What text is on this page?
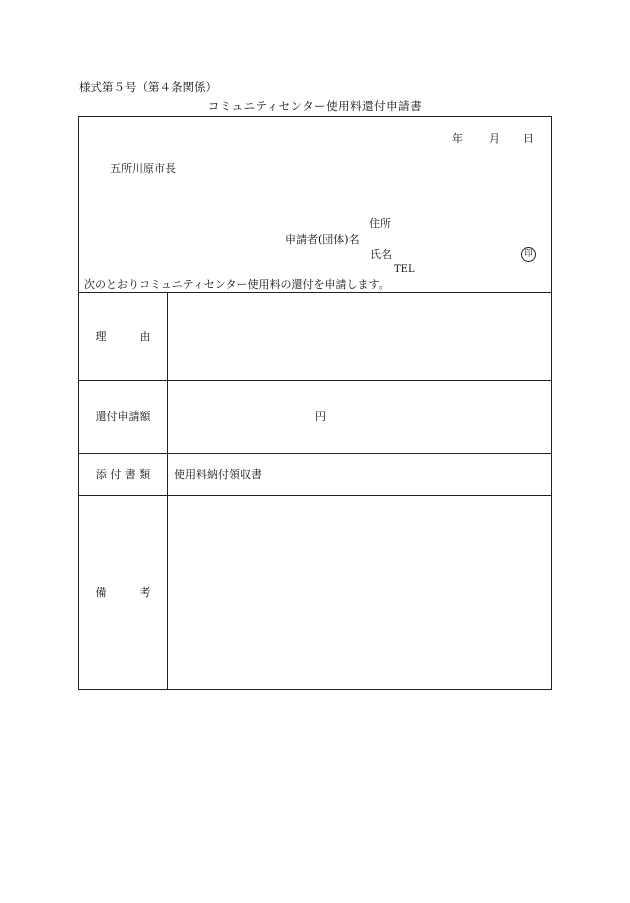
様式第５号（第４条関係）
コミュニティセンター使用料還付申請書
年 月 日
五所川原市長
住所
申請者(団体)名
氏名	印
TEL
次のとおりコミュニティセンター使用料の還付を申請します。
理　　　由
還付申請額	円
添 付 書 類	使用料納付領収書
備　　　考
